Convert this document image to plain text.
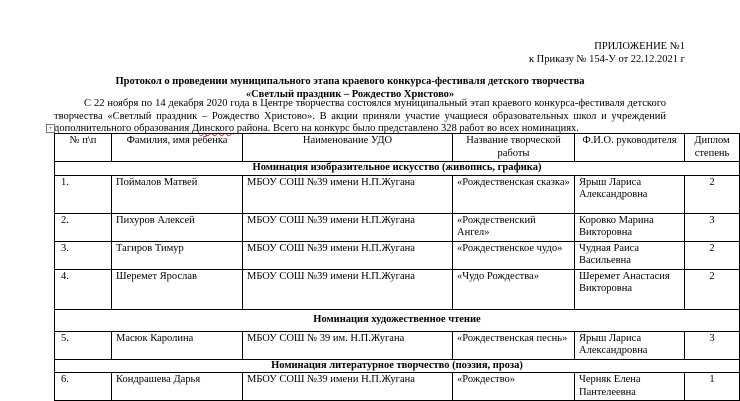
ПРИЛОЖЕНИЕ №1
к Приказу № 154-У от 22.12.2021 г
Протокол о проведении муниципального этапа краевого конкурса-фестиваля детского творчества
«Светлый праздник – Рождество Христово»
С 22 ноября по 14 декабря 2020 года в Центре творчества состоялся муниципальный этап краевого конкурса-фестиваля детского творчества «Светлый праздник – Рождество Христово». В акции приняли участие учащиеся образовательных школ и учреждений дополнительного образования Динского района. Всего на конкурс было представлено 328 работ во всех номинациях.
+
№ п\п	Фамилия, имя ребенка	Наименование УДО	Название творческой работы	Ф.И.О. руководителя	Диплом степень
Номинация изобразительное искусство (живопись, графика)					
1.	Поймалов Матвей	МБОУ СОШ №39 имени Н.П.Жугана	«Рождественская сказка»	Ярыш Лариса Александровна	2
2.	Пихуров Алексей	МБОУ СОШ №39 имени Н.П.Жугана	«Рождественский Ангел»	Коровко Марина Викторовна	3
3.	Тагиров Тимур	МБОУ СОШ №39 имени Н.П.Жугана	«Рождественское чудо»	Чудная Раиса Васильевна	2
4.	Шеремет Ярослав	МБОУ СОШ №39 имени Н.П.Жугана	«Чудо Рождества»	Шеремет Анастасия Викторовна	2
Номинация художественное чтение					
5.	Масюк Каролина	МБОУ СОШ № 39 им. Н.П.Жугана	«Рождественская песнь»	Ярыш Лариса Александровна	3
Номинация литературное творчество (поэзия, проза)					
6.	Кондрашева Дарья	МБОУ СОШ №39 имени Н.П.Жугана	«Рождество»	Черняк Елена Пантелеевна	1
